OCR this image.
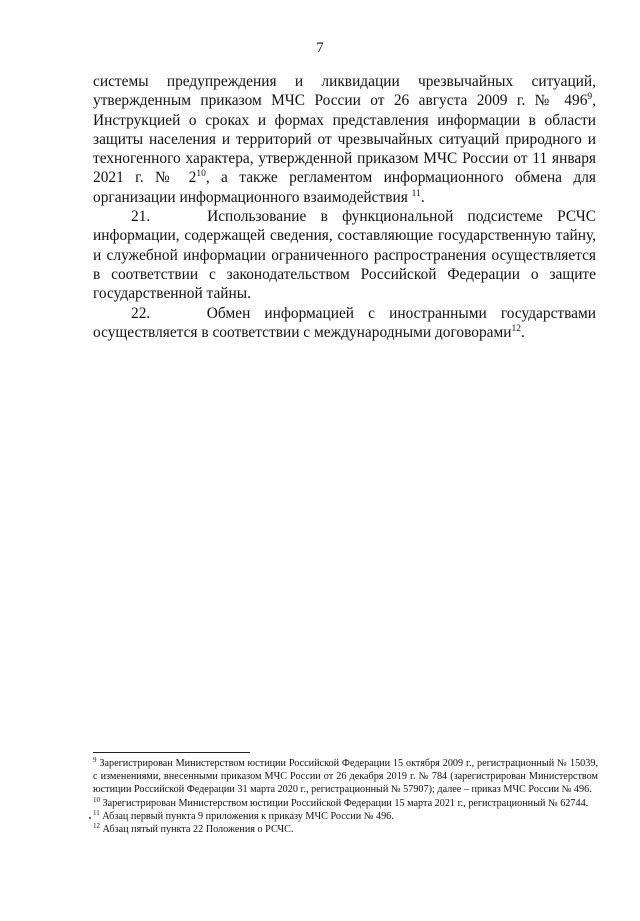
7

системы предупреждения и ликвидации чрезвычайных ситуаций, утвержденным приказом МЧС России от 26 августа 2009 г. № $496^9$, Инструкцией о сроках и формах представления информации в области защиты населения и территорий от чрезвычайных ситуаций природного и техногенного характера, утвержденной приказом МЧС России от 11 января 2021 г. № $2^{10}$, а также регламентом информационного обмена для организации информационного взаимодействия $^{11}$.

21.    Использование в функциональной подсистеме РСЧС информации, содержащей сведения, составляющие государственную тайну, и служебной информации ограниченного распространения осуществляется в соответствии с законодательством Российской Федерации о защите государственной тайны.

22.    Обмен информацией с иностранными государствами осуществляется в соответствии с международными договорами$^{12}$.

$^9$ Зарегистрирован Министерством юстиции Российской Федерации 15 октября 2009 г., регистрационный № 15039, с изменениями, внесенными приказом МЧС России от 26 декабря 2019 г. № 784 (зарегистрирован Министерством юстиции Российской Федерации 31 марта 2020 г., регистрационный № 57907); далее – приказ МЧС России № 496.

$^{10}$ Зарегистрирован Министерством юстиции Российской Федерации 15 марта 2021 г., регистрационный № 62744.

$^{11}$ Абзац первый пункта 9 приложения к приказу МЧС России № 496.

$^{12}$ Абзац пятый пункта 22 Положения о РСЧС.
